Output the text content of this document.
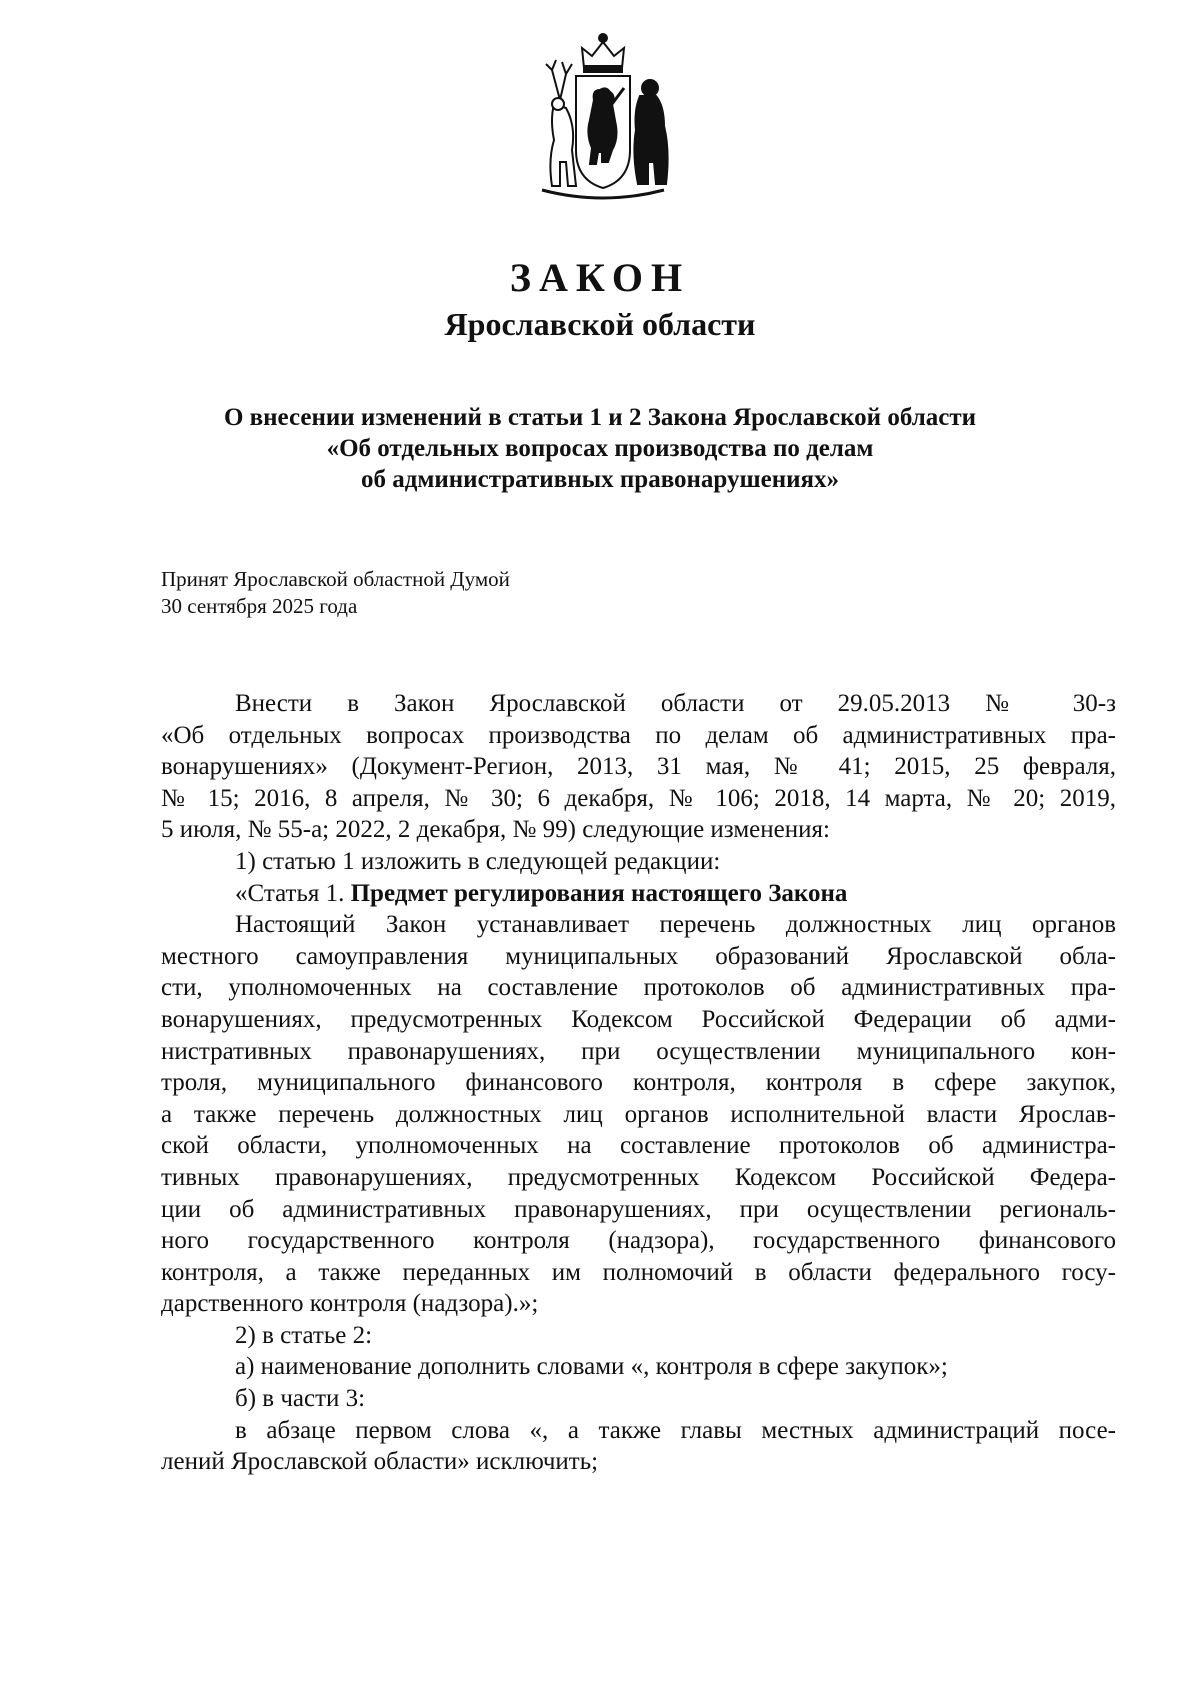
ЗАКОН
Ярославской области
О внесении изменений в статьи 1 и 2 Закона Ярославской области
«Об отдельных вопросах производства по делам
об административных правонарушениях»
Принят Ярославской областной Думой
30 сентября 2025 года
Внести в Закон Ярославской области от 29.05.2013 № 30-з
«Об отдельных вопросах производства по делам об административных пра-
вонарушениях» (Документ-Регион, 2013, 31 мая, № 41; 2015, 25 февраля,
№ 15; 2016, 8 апреля, № 30; 6 декабря, № 106; 2018, 14 марта, № 20; 2019,
5 июля, № 55-а; 2022, 2 декабря, № 99) следующие изменения:
1) статью 1 изложить в следующей редакции:
«Статья 1. Предмет регулирования настоящего Закона
Настоящий Закон устанавливает перечень должностных лиц органов
местного самоуправления муниципальных образований Ярославской обла-
сти, уполномоченных на составление протоколов об административных пра-
вонарушениях, предусмотренных Кодексом Российской Федерации об адми-
нистративных правонарушениях, при осуществлении муниципального кон-
троля, муниципального финансового контроля, контроля в сфере закупок,
а также перечень должностных лиц органов исполнительной власти Ярослав-
ской области, уполномоченных на составление протоколов об администра-
тивных правонарушениях, предусмотренных Кодексом Российской Федера-
ции об административных правонарушениях, при осуществлении региональ-
ного государственного контроля (надзора), государственного финансового
контроля, а также переданных им полномочий в области федерального госу-
дарственного контроля (надзора).»;
2) в статье 2:
а) наименование дополнить словами «, контроля в сфере закупок»;
б) в части 3:
в абзаце первом слова «, а также главы местных администраций посе-
лений Ярославской области» исключить;
